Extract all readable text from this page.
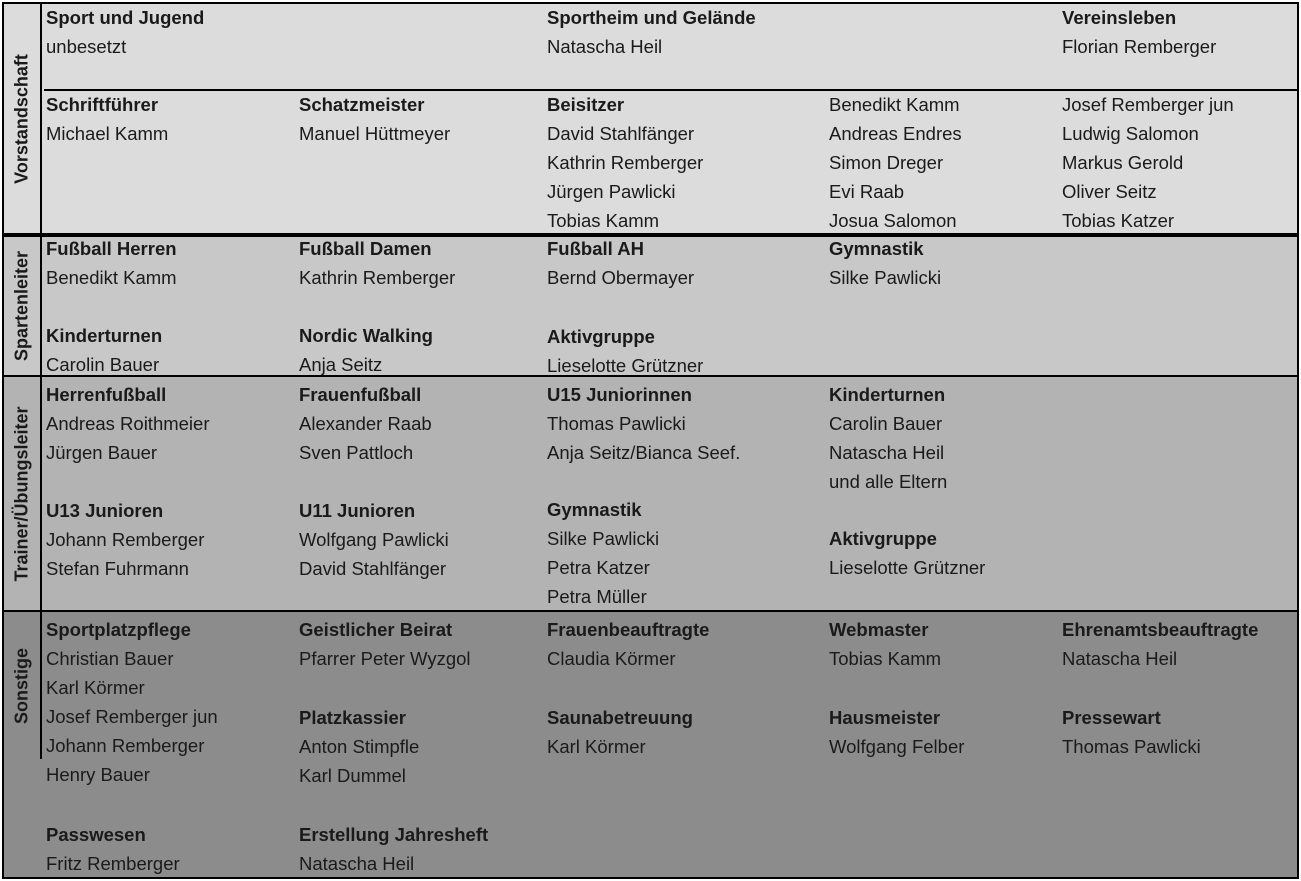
Vorstandschaft
Spartenleiter
Trainer/Übungsleiter
Sonstige
Sport und Jugend
unbesetzt
Sportheim und Gelände
Natascha Heil
Vereinsleben
Florian Remberger
Schriftführer
Michael Kamm
Schatzmeister
Manuel Hüttmeyer
Beisitzer
David Stahlfänger
Kathrin Remberger
Jürgen Pawlicki
Tobias Kamm
Benedikt Kamm
Andreas Endres
Simon Dreger
Evi Raab
Josua Salomon
Josef Remberger jun
Ludwig Salomon
Markus Gerold
Oliver Seitz
Tobias Katzer
Fußball Herren
Benedikt Kamm
Fußball Damen
Kathrin Remberger
Fußball AH
Bernd Obermayer
Gymnastik
Silke Pawlicki
Kinderturnen
Carolin Bauer
Nordic Walking
Anja Seitz
Aktivgruppe
Lieselotte Grützner
Herrenfußball
Andreas Roithmeier
Jürgen Bauer
Frauenfußball
Alexander Raab
Sven Pattloch
U15 Juniorinnen
Thomas Pawlicki
Anja Seitz/Bianca Seef.
Kinderturnen
Carolin Bauer
Natascha Heil
und alle Eltern
U13 Junioren
Johann Remberger
Stefan Fuhrmann
U11 Junioren
Wolfgang Pawlicki
David Stahlfänger
Gymnastik
Silke Pawlicki
Petra Katzer
Petra Müller
Aktivgruppe
Lieselotte Grützner
Sportplatzpflege
Christian Bauer
Karl Körmer
Josef Remberger jun
Johann Remberger
Henry Bauer
Geistlicher Beirat
Pfarrer Peter Wyzgol
Frauenbeauftragte
Claudia Körmer
Webmaster
Tobias Kamm
Ehrenamtsbeauftragte
Natascha Heil
Platzkassier
Anton Stimpfle
Karl Dummel
Saunabetreuung
Karl Körmer
Hausmeister
Wolfgang Felber
Pressewart
Thomas Pawlicki
Passwesen
Fritz Remberger
Erstellung Jahresheft
Natascha Heil
